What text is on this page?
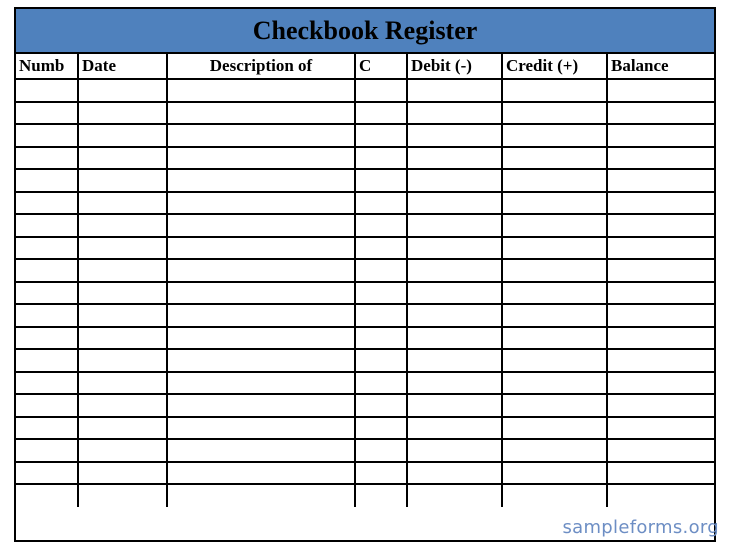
Checkbook Register
Numb	Date	Description of	C	Debit (-)	Credit (+)	Balance

sampleforms.org
